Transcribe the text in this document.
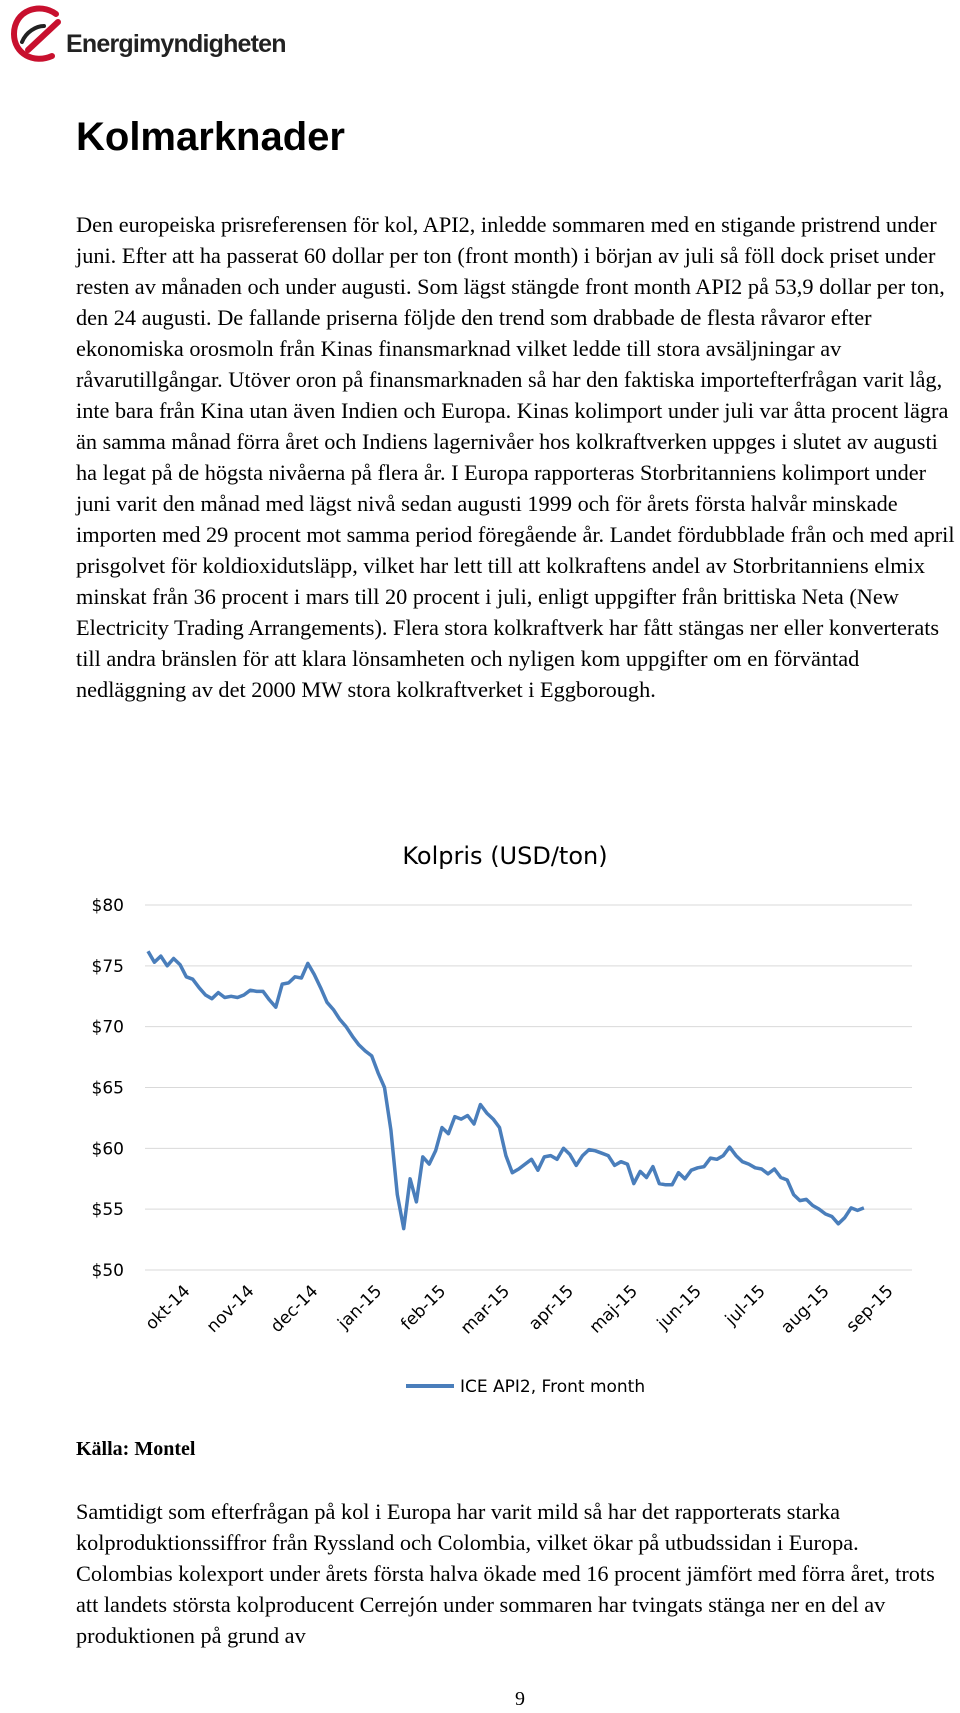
Energimyndigheten
Kolmarknader

Den europeiska prisreferensen för kol, API2, inledde sommaren med en stigande pristrend under juni. Efter att ha passerat 60 dollar per ton (front month) i början av juli så föll dock priset under resten av månaden och under augusti. Som lägst stängde front month API2 på 53,9 dollar per ton, den 24 augusti. De fallande priserna följde den trend som drabbade de flesta råvaror efter ekonomiska orosmoln från Kinas finansmarknad vilket ledde till stora avsäljningar av råvarutillgångar. Utöver oron på finansmarknaden så har den faktiska importefterfrågan varit låg, inte bara från Kina utan även Indien och Europa. Kinas kolimport under juli var åtta procent lägra än samma månad förra året och Indiens lagernivåer hos kolkraftverken uppges i slutet av augusti ha legat på de högsta nivåerna på flera år. I Europa rapporteras Storbritanniens kolimport under juni varit den månad med lägst nivå sedan augusti 1999 och för årets första halvår minskade importen med 29 procent mot samma period föregående år. Landet fördubblade från och med april prisgolvet för koldioxidutsläpp, vilket har lett till att kolkraftens andel av Storbritanniens elmix minskat från 36 procent i mars till 20 procent i juli, enligt uppgifter från brittiska Neta (New Electricity Trading Arrangements). Flera stora kolkraftverk har fått stängas ner eller konverterats till andra bränslen för att klara lönsamheten och nyligen kom uppgifter om en förväntad nedläggning av det 2000 MW stora kolkraftverket i Eggborough.

$50
$55
$60
$65
$70
$75
$80
okt-14 nov-14 dec-14 jan-15 feb-15 mar-15 apr-15 maj-15 jun-15 jul-15 aug-15 sep-15
Kolpris (USD/ton)
ICE API2, Front month
Källa: Montel

Samtidigt som efterfrågan på kol i Europa har varit mild så har det rapporterats starka kolproduktionssiffror från Ryssland och Colombia, vilket ökar på utbudssidan i Europa. Colombias kolexport under årets första halva ökade med 16 procent jämfört med förra året, trots att landets största kolproducent Cerrejón under sommaren har tvingats stänga ner en del av produktionen på grund av

9
